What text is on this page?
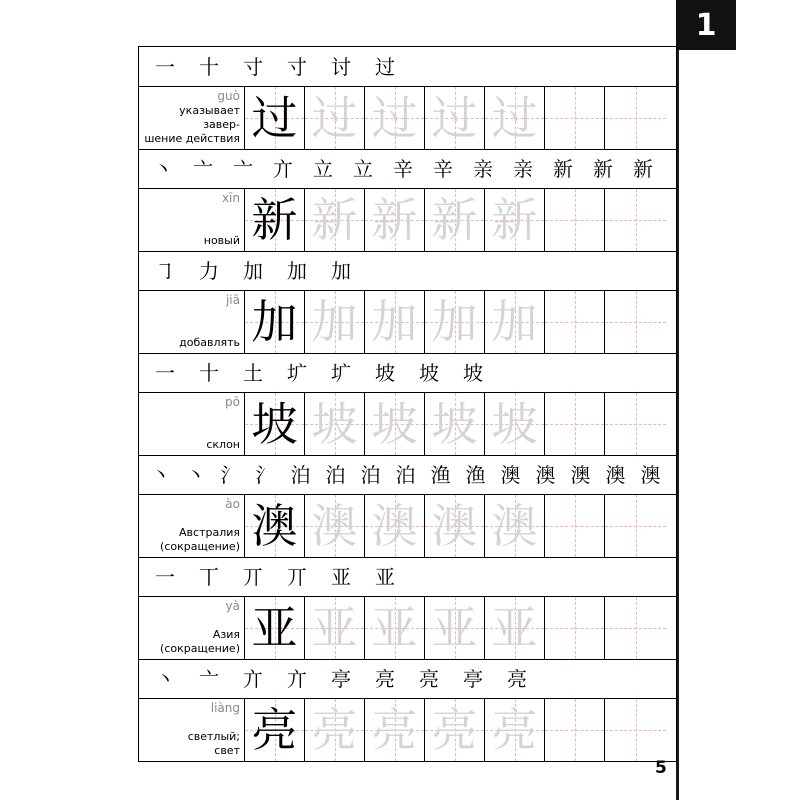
1
一	十	寸	寸	讨	过
guò
указывает завер-
шение действия 过 过 过 过 过
丶	亠	亠	亣	立	立	辛	辛	亲	亲	新	新	新
xīn
новый 新 新 新 新 新
㇆	力	加	加	加
jiā
добавлять 加 加 加 加 加
一	十	土	圹	圹	坡	坡	坡
pō
склон 坡 坡 坡 坡 坡
丶 丶 氵 氵 泊 泊 泊 泊 渔 渔 澳 澳 澳 澳 澳
ào
Австралия
(сокращение) 澳 澳 澳 澳 澳
一	丅	丌	丌	亚	亚
yà
Азия
(сокращение) 亚 亚 亚 亚 亚
丶	亠	亣	亣	亭	亮	亮	亭	亮
liàng
светлый;
свет 亮 亮 亮 亮 亮
5
